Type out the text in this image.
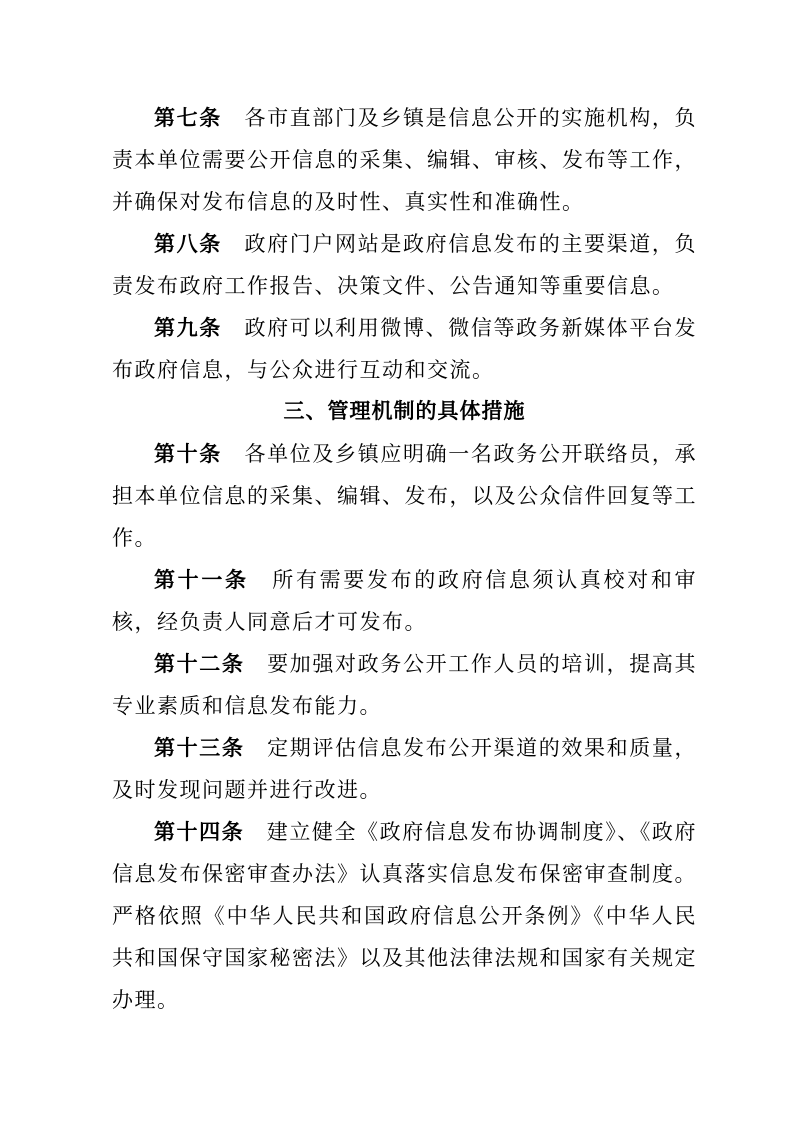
第七条　各市直部门及乡镇是信息公开的实施机构，负责本单位需要公开信息的采集、编辑、审核、发布等工作，并确保对发布信息的及时性、真实性和准确性。

第八条　政府门户网站是政府信息发布的主要渠道，负责发布政府工作报告、决策文件、公告通知等重要信息。

第九条　政府可以利用微博、微信等政务新媒体平台发布政府信息，与公众进行互动和交流。

三、管理机制的具体措施

第十条　各单位及乡镇应明确一名政务公开联络员，承担本单位信息的采集、编辑、发布，以及公众信件回复等工作。

第十一条　所有需要发布的政府信息须认真校对和审核，经负责人同意后才可发布。

第十二条　要加强对政务公开工作人员的培训，提高其专业素质和信息发布能力。

第十三条　定期评估信息发布公开渠道的效果和质量，及时发现问题并进行改进。

第十四条　建立健全《政府信息发布协调制度》、《政府信息发布保密审查办法》认真落实信息发布保密审查制度。严格依照《中华人民共和国政府信息公开条例》《中华人民共和国保守国家秘密法》以及其他法律法规和国家有关规定办理。
